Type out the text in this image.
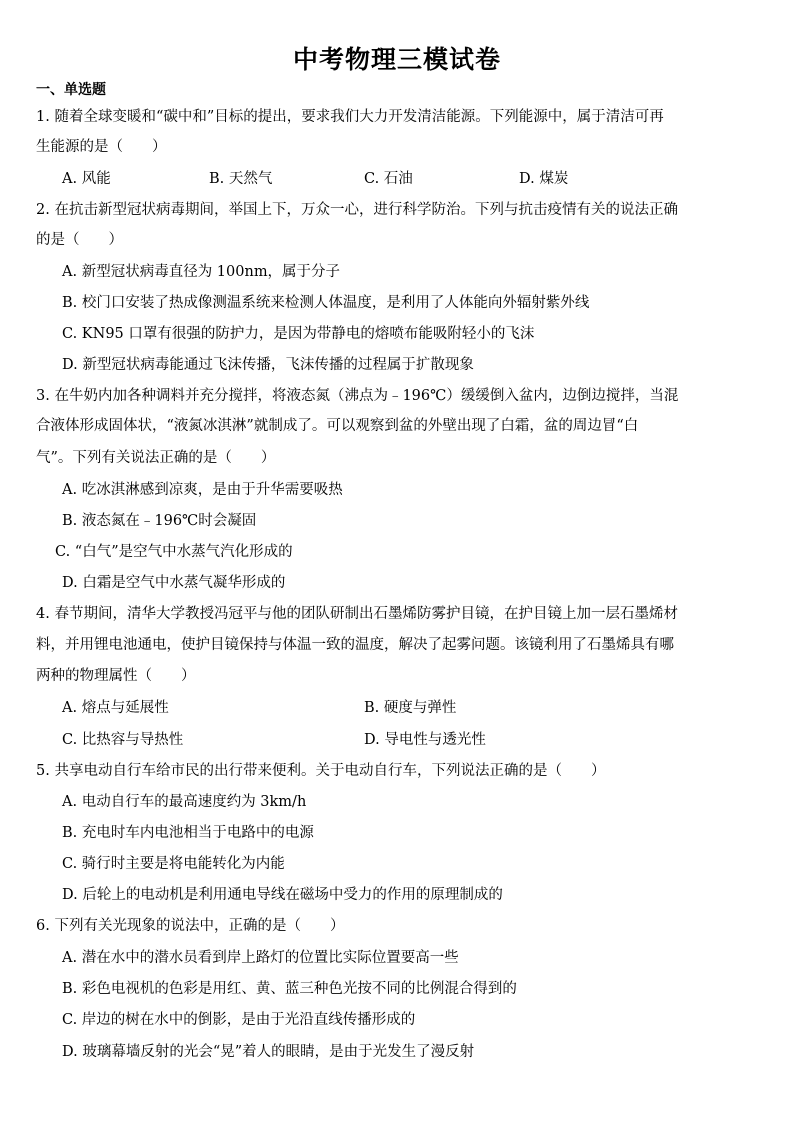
中考物理三模试卷
一、单选题
1. 随着全球变暖和“碳中和”目标的提出，要求我们大力开发清洁能源。下列能源中，属于清洁可再
生能源的是（　　）
A. 风能	B. 天然气	C. 石油	D. 煤炭
2. 在抗击新型冠状病毒期间，举国上下，万众一心，进行科学防治。下列与抗击疫情有关的说法正确
的是（　　）
A. 新型冠状病毒直径为 100nm，属于分子
B. 校门口安装了热成像测温系统来检测人体温度，是利用了人体能向外辐射紫外线
C. KN95 口罩有很强的防护力，是因为带静电的熔喷布能吸附轻小的飞沫
D. 新型冠状病毒能通过飞沫传播，飞沫传播的过程属于扩散现象
3. 在牛奶内加各种调料并充分搅拌，将液态氮（沸点为﹣196℃）缓缓倒入盆内，边倒边搅拌，当混
合液体形成固体状，“液氮冰淇淋”就制成了。可以观察到盆的外壁出现了白霜，盆的周边冒“白
气”。下列有关说法正确的是（　　）
A. 吃冰淇淋感到凉爽，是由于升华需要吸热
B. 液态氮在﹣196℃时会凝固
C. “白气”是空气中水蒸气汽化形成的
D. 白霜是空气中水蒸气凝华形成的
4. 春节期间，清华大学教授冯冠平与他的团队研制出石墨烯防雾护目镜，在护目镜上加一层石墨烯材
料，并用锂电池通电，使护目镜保持与体温一致的温度，解决了起雾问题。该镜利用了石墨烯具有哪
两种的物理属性（　　）
A. 熔点与延展性	B. 硬度与弹性
C. 比热容与导热性	D. 导电性与透光性
5. 共享电动自行车给市民的出行带来便利。关于电动自行车，下列说法正确的是（　　）
A. 电动自行车的最高速度约为 3km/h
B. 充电时车内电池相当于电路中的电源
C. 骑行时主要是将电能转化为内能
D. 后轮上的电动机是利用通电导线在磁场中受力的作用的原理制成的
6. 下列有关光现象的说法中，正确的是（　　）
A. 潜在水中的潜水员看到岸上路灯的位置比实际位置要高一些
B. 彩色电视机的色彩是用红、黄、蓝三种色光按不同的比例混合得到的
C. 岸边的树在水中的倒影，是由于光沿直线传播形成的
D. 玻璃幕墙反射的光会“晃”着人的眼睛，是由于光发生了漫反射
